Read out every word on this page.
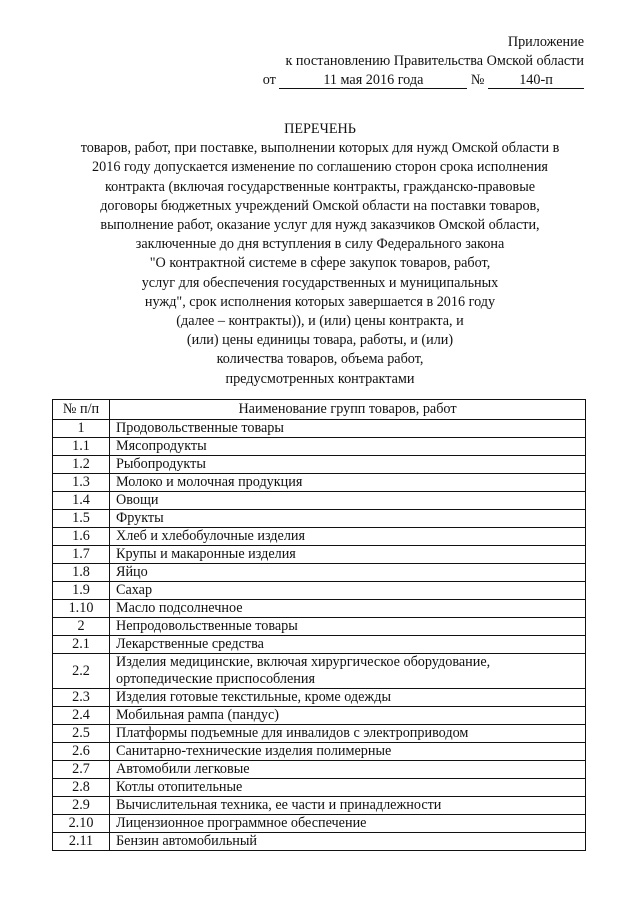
Приложение
к постановлению Правительства Омской области
от	11 мая 2016 года	№ 140-п
ПЕРЕЧЕНЬ
товаров, работ, при поставке, выполнении которых для нужд Омской области в
2016 году допускается изменение по соглашению сторон срока исполнения
контракта (включая государственные контракты, гражданско-правовые
договоры бюджетных учреждений Омской области на поставки товаров,
выполнение работ, оказание услуг для нужд заказчиков Омской области,
заключенные до дня вступления в силу Федерального закона
"О контрактной системе в сфере закупок товаров, работ,
услуг для обеспечения государственных и муниципальных
нужд", срок исполнения которых завершается в 2016 году
(далее – контракты)), и (или) цены контракта, и
(или) цены единицы товара, работы, и (или)
количества товаров, объема работ,
предусмотренных контрактами
№ п/п	Наименование групп товаров, работ
1	Продовольственные товары
1.1	Мясопродукты
1.2	Рыбопродукты
1.3	Молоко и молочная продукция
1.4	Овощи
1.5	Фрукты
1.6	Хлеб и хлебобулочные изделия
1.7	Крупы и макаронные изделия
1.8	Яйцо
1.9	Сахар
1.10	Масло подсолнечное
2	Непродовольственные товары
2.1	Лекарственные средства
2.2	Изделия медицинские, включая хирургическое оборудование, ортопедические приспособления
2.3	Изделия готовые текстильные, кроме одежды
2.4	Мобильная рампа (пандус)
2.5	Платформы подъемные для инвалидов с электроприводом
2.6	Санитарно-технические изделия полимерные
2.7	Автомобили легковые
2.8	Котлы отопительные
2.9	Вычислительная техника, ее части и принадлежности
2.10	Лицензионное программное обеспечение
2.11	Бензин автомобильный
